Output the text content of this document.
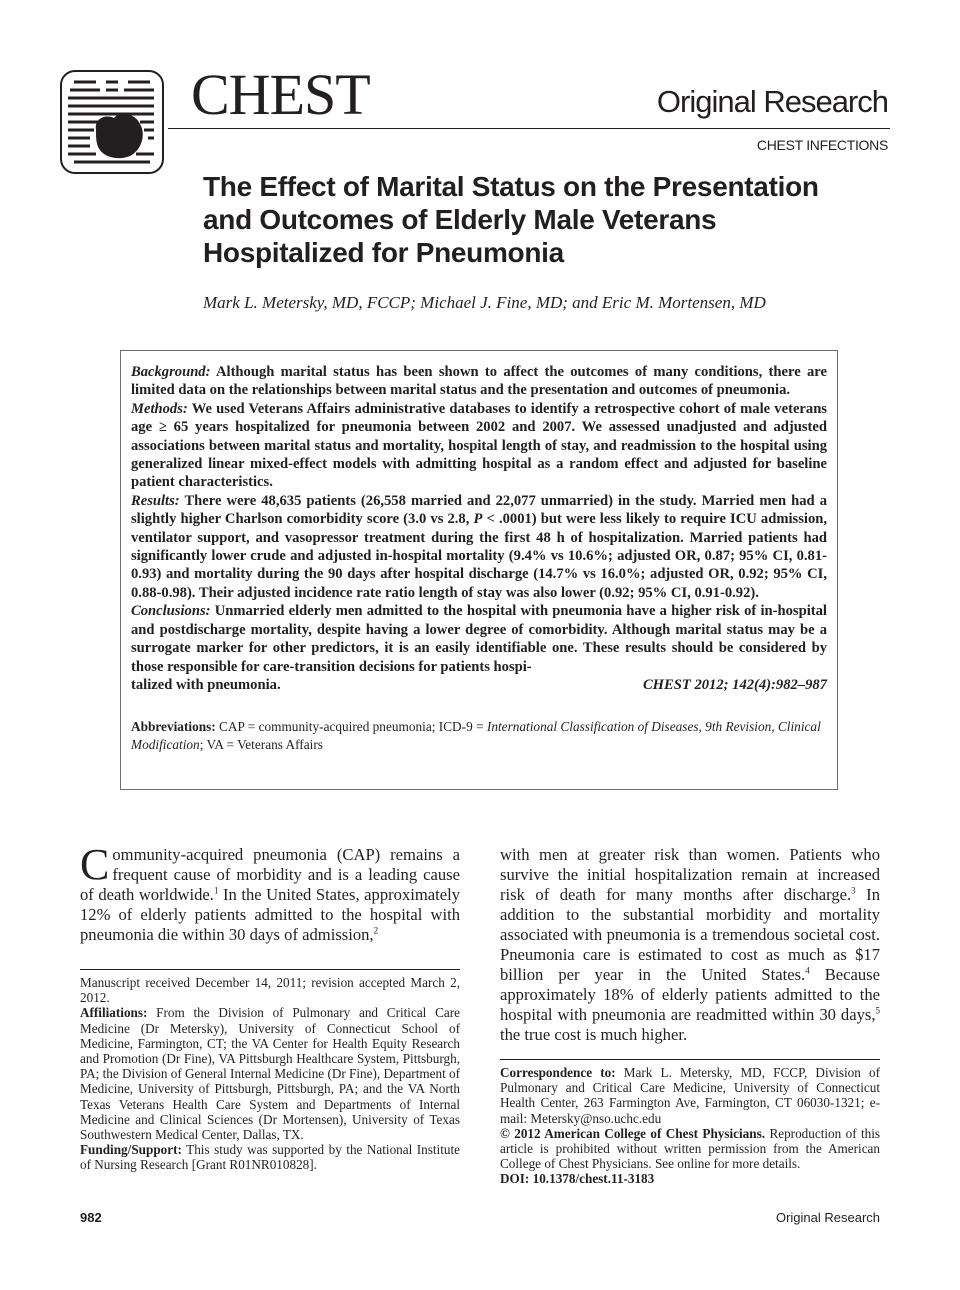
CHEST	Original Research
CHEST INFECTIONS
The Effect of Marital Status on the Presentation and Outcomes of Elderly Male Veterans Hospitalized for Pneumonia
Mark L. Metersky, MD, FCCP; Michael J. Fine, MD; and Eric M. Mortensen, MD

Background: Although marital status has been shown to affect the outcomes of many conditions, there are limited data on the relationships between marital status and the presentation and outcomes of pneumonia.

Methods: We used Veterans Affairs administrative databases to identify a retrospective cohort of male veterans age ≥ 65 years hospitalized for pneumonia between 2002 and 2007. We assessed unadjusted and adjusted associations between marital status and mortality, hospital length of stay, and readmission to the hospital using generalized linear mixed-effect models with admitting hospital as a random effect and adjusted for baseline patient characteristics.

Results: There were 48,635 patients (26,558 married and 22,077 unmarried) in the study. Married men had a slightly higher Charlson comorbidity score (3.0 vs 2.8, P < .0001) but were less likely to require ICU admission, ventilator support, and vasopressor treatment during the first 48 h of hospitalization. Married patients had significantly lower crude and adjusted in-hospital mortality (9.4% vs 10.6%; adjusted OR, 0.87; 95% CI, 0.81-0.93) and mortality during the 90 days after hospital discharge (14.7% vs 16.0%; adjusted OR, 0.92; 95% CI, 0.88-0.98). Their adjusted incidence rate ratio length of stay was also lower (0.92; 95% CI, 0.91-0.92).

Conclusions: Unmarried elderly men admitted to the hospital with pneumonia have a higher risk of in-hospital and postdischarge mortality, despite having a lower degree of comorbidity. Although marital status may be a surrogate marker for other predictors, it is an easily identifiable one. These results should be considered by those responsible for care-transition decisions for patients hospi-

talized with pneumonia.	CHEST 2012; 142(4):982–987
Abbreviations: CAP = community-acquired pneumonia; ICD-9 = International Classification of Diseases, 9th Revision, Clinical Modification; VA = Veterans Affairs

Community-acquired pneumonia (CAP) remains a frequent cause of morbidity and is a leading cause of death worldwide.$^1$ In the United States, approximately 12% of elderly patients admitted to the hospital with pneumonia die within 30 days of admission,$^2$

Manuscript received December 14, 2011; revision accepted March 2, 2012.

Affiliations: From the Division of Pulmonary and Critical Care Medicine (Dr Metersky), University of Connecticut School of Medicine, Farmington, CT; the VA Center for Health Equity Research and Promotion (Dr Fine), VA Pittsburgh Healthcare System, Pittsburgh, PA; the Division of General Internal Medicine (Dr Fine), Department of Medicine, University of Pittsburgh, Pittsburgh, PA; and the VA North Texas Veterans Health Care System and Departments of Internal Medicine and Clinical Sciences (Dr Mortensen), University of Texas Southwestern Medical Center, Dallas, TX.

Funding/Support: This study was supported by the National Institute of Nursing Research [Grant R01NR010828].

with men at greater risk than women. Patients who survive the initial hospitalization remain at increased risk of death for many months after discharge.$^3$ In addition to the substantial morbidity and mortality associated with pneumonia is a tremendous societal cost. Pneumonia care is estimated to cost as much as $17 billion per year in the United States.$^4$ Because approximately 18% of elderly patients admitted to the hospital with pneumonia are readmitted within 30 days,$^5$ the true cost is much higher.

Correspondence to: Mark L. Metersky, MD, FCCP, Division of Pulmonary and Critical Care Medicine, University of Connecticut Health Center, 263 Farmington Ave, Farmington, CT 06030-1321; e-mail: Metersky@nso.uchc.edu

© 2012 American College of Chest Physicians. Reproduction of this article is prohibited without written permission from the American College of Chest Physicians. See online for more details.

DOI: 10.1378/chest.11-3183

982	Original Research
